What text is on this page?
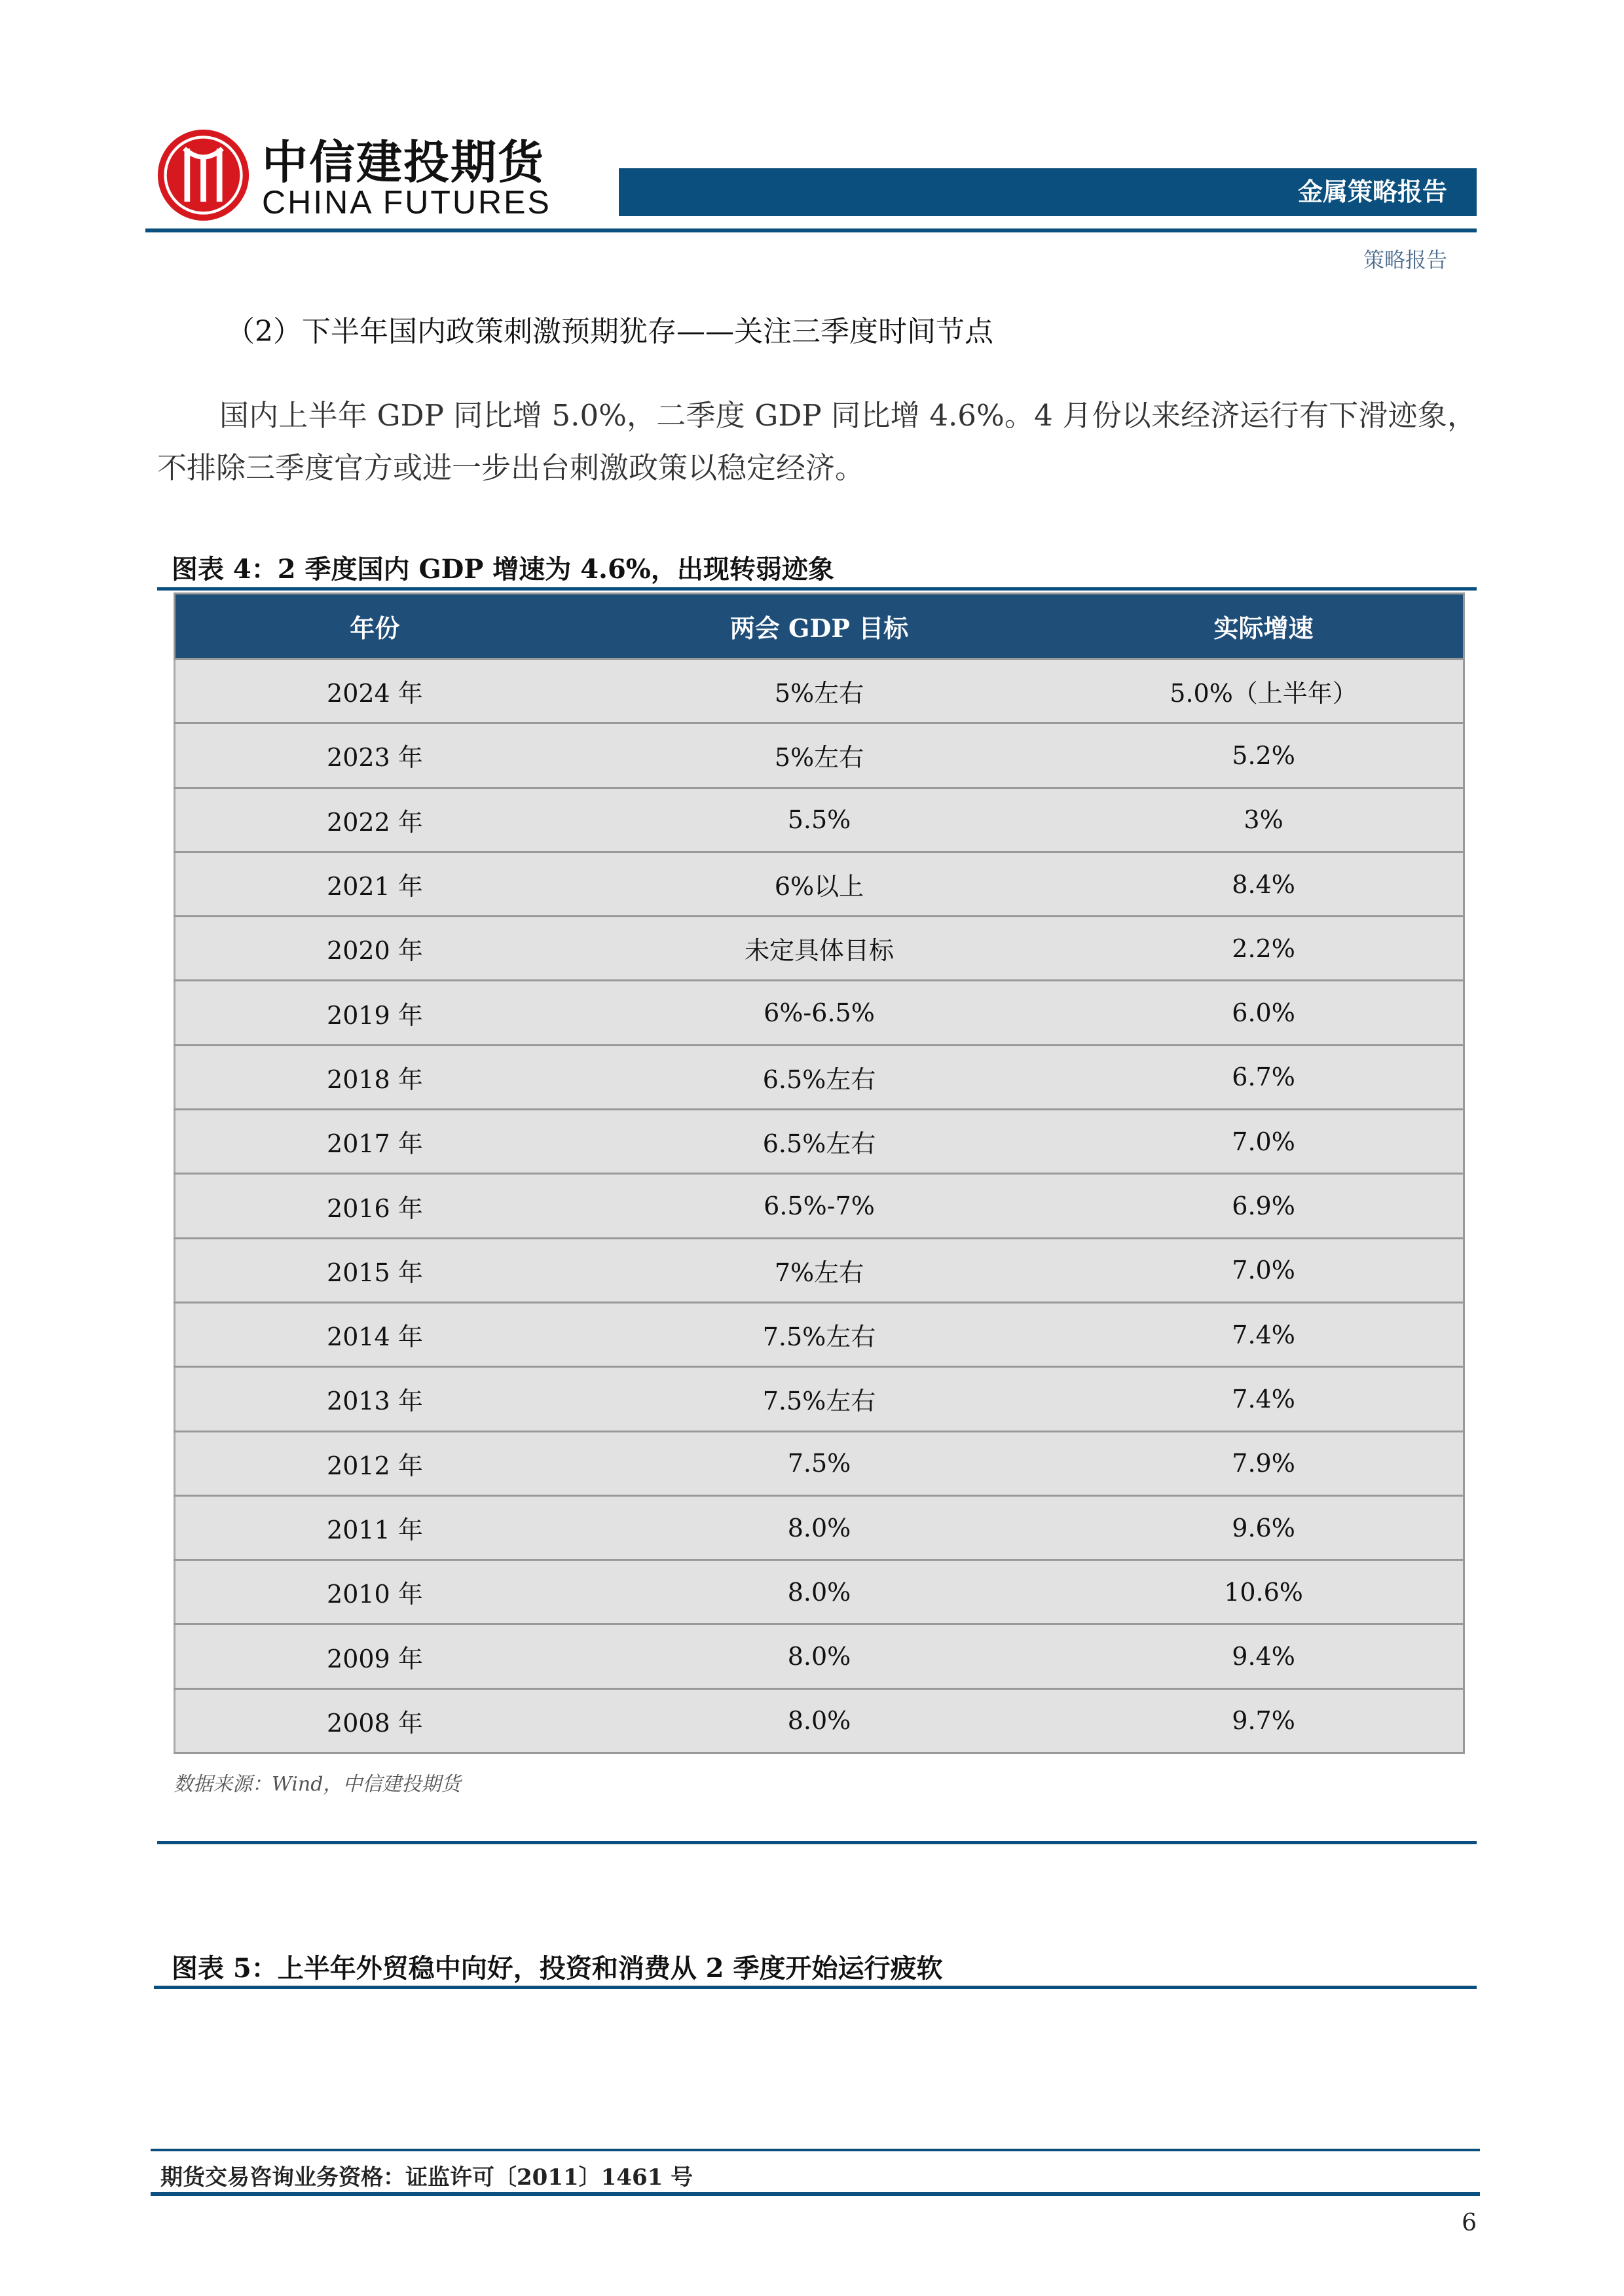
中信建投期货
CHINA FUTURES	金属策略报告
策略报告
（2）下半年国内政策刺激预期犹存——关注三季度时间节点
国内上半年 GDP 同比增 5.0%，二季度 GDP 同比增 4.6%。4 月份以来经济运行有下滑迹象，不排除三季度官方或进一步出台刺激政策以稳定经济。
图表 4：2 季度国内 GDP 增速为 4.6%，出现转弱迹象
年份	两会 GDP 目标	实际增速
2024 年	5%左右	5.0%（上半年）
2023 年	5%左右	5.2%
2022 年	5.5%	3%
2021 年	6%以上	8.4%
2020 年	未定具体目标	2.2%
2019 年	6%-6.5%	6.0%
2018 年	6.5%左右	6.7%
2017 年	6.5%左右	7.0%
2016 年	6.5%-7%	6.9%
2015 年	7%左右	7.0%
2014 年	7.5%左右	7.4%
2013 年	7.5%左右	7.4%
2012 年	7.5%	7.9%
2011 年	8.0%	9.6%
2010 年	8.0%	10.6%
2009 年	8.0%	9.4%
2008 年	8.0%	9.7%
数据来源：Wind，中信建投期货
图表 5：上半年外贸稳中向好，投资和消费从 2 季度开始运行疲软
期货交易咨询业务资格：证监许可〔2011〕1461 号
6
